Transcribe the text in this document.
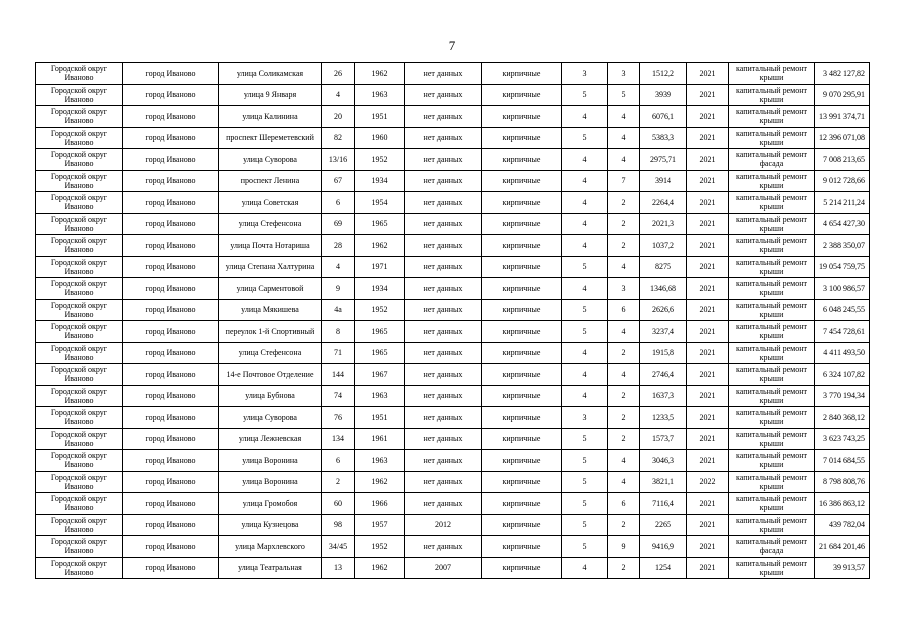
7
Городской округ Иваново	город Иваново	улица Соликамская	26	1962	нет данных	кирпичные	3	3	1512,2	2021	капитальный ремонт крыши	3 482 127,82
Городской округ Иваново	город Иваново	улица 9 Января	4	1963	нет данных	кирпичные	5	5	3939	2021	капитальный ремонт крыши	9 070 295,91
Городской округ Иваново	город Иваново	улица Калинина	20	1951	нет данных	кирпичные	4	4	6076,1	2021	капитальный ремонт крыши	13 991 374,71
Городской округ Иваново	город Иваново	проспект Шереметевский	82	1960	нет данных	кирпичные	5	4	5383,3	2021	капитальный ремонт крыши	12 396 071,08
Городской округ Иваново	город Иваново	улица Суворова	13/16	1952	нет данных	кирпичные	4	4	2975,71	2021	капитальный ремонт фасада	7 008 213,65
Городской округ Иваново	город Иваново	проспект Ленина	67	1934	нет данных	кирпичные	4	7	3914	2021	капитальный ремонт крыши	9 012 728,66
Городской округ Иваново	город Иваново	улица Советская	6	1954	нет данных	кирпичные	4	2	2264,4	2021	капитальный ремонт крыши	5 214 211,24
Городской округ Иваново	город Иваново	улица Стефенсона	69	1965	нет данных	кирпичные	4	2	2021,3	2021	капитальный ремонт крыши	4 654 427,30
Городской округ Иваново	город Иваново	улица Почта Нотариша	28	1962	нет данных	кирпичные	4	2	1037,2	2021	капитальный ремонт крыши	2 388 350,07
Городской округ Иваново	город Иваново	улица Степана Халтурина	4	1971	нет данных	кирпичные	5	4	8275	2021	капитальный ремонт крыши	19 054 759,75
Городской округ Иваново	город Иваново	улица Сарментовой	9	1934	нет данных	кирпичные	4	3	1346,68	2021	капитальный ремонт крыши	3 100 986,57
Городской округ Иваново	город Иваново	улица Мякишева	4а	1952	нет данных	кирпичные	5	6	2626,6	2021	капитальный ремонт крыши	6 048 245,55
Городской округ Иваново	город Иваново	переулок 1-й Спортивный	8	1965	нет данных	кирпичные	5	4	3237,4	2021	капитальный ремонт крыши	7 454 728,61
Городской округ Иваново	город Иваново	улица Стефенсона	71	1965	нет данных	кирпичные	4	2	1915,8	2021	капитальный ремонт крыши	4 411 493,50
Городской округ Иваново	город Иваново	14-е Почтовое Отделение	144	1967	нет данных	кирпичные	4	4	2746,4	2021	капитальный ремонт крыши	6 324 107,82
Городской округ Иваново	город Иваново	улица Бубнова	74	1963	нет данных	кирпичные	4	2	1637,3	2021	капитальный ремонт крыши	3 770 194,34
Городской округ Иваново	город Иваново	улица Суворова	76	1951	нет данных	кирпичные	3	2	1233,5	2021	капитальный ремонт крыши	2 840 368,12
Городской округ Иваново	город Иваново	улица Лежневская	134	1961	нет данных	кирпичные	5	2	1573,7	2021	капитальный ремонт крыши	3 623 743,25
Городской округ Иваново	город Иваново	улица Воронина	6	1963	нет данных	кирпичные	5	4	3046,3	2021	капитальный ремонт крыши	7 014 684,55
Городской округ Иваново	город Иваново	улица Воронина	2	1962	нет данных	кирпичные	5	4	3821,1	2022	капитальный ремонт крыши	8 798 808,76
Городской округ Иваново	город Иваново	улица Громобоя	60	1966	нет данных	кирпичные	5	6	7116,4	2021	капитальный ремонт крыши	16 386 863,12
Городской округ Иваново	город Иваново	улица Кузнецова	98	1957	2012	кирпичные	5	2	2265	2021	капитальный ремонт крыши	439 782,04
Городской округ Иваново	город Иваново	улица Мархлевского	34/45	1952	нет данных	кирпичные	5	9	9416,9	2021	капитальный ремонт фасада	21 684 201,46
Городской округ Иваново	город Иваново	улица Театральная	13	1962	2007	кирпичные	4	2	1254	2021	капитальный ремонт крыши	39 913,57
